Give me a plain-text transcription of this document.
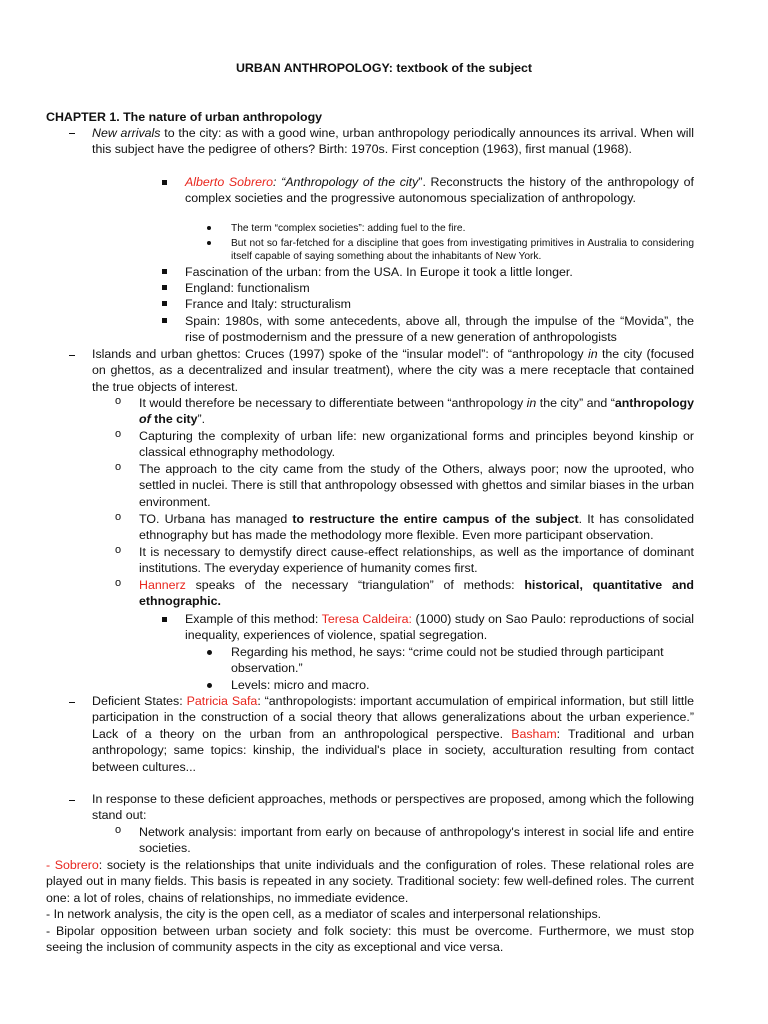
URBAN ANTHROPOLOGY: textbook of the subject
CHAPTER 1. The nature of urban anthropology

New arrivals to the city: as with a good wine, urban anthropology periodically announces its arrival. When will this subject have the pedigree of others? Birth: 1970s. First conception (1963), first manual (1968).

Alberto Sobrero: “Anthropology of the city”. Reconstructs the history of the anthropology of complex societies and the progressive autonomous specialization of anthropology.

The term “complex societies”: adding fuel to the fire.

But not so far-fetched for a discipline that goes from investigating primitives in Australia to considering itself capable of saying something about the inhabitants of New York.

Fascination of the urban: from the USA. In Europe it took a little longer.

England: functionalism

France and Italy: structuralism

Spain: 1980s, with some antecedents, above all, through the impulse of the “Movida”, the rise of postmodernism and the pressure of a new generation of anthropologists

Islands and urban ghettos: Cruces (1997) spoke of the “insular model”: of “anthropology in the city (focused on ghettos, as a decentralized and insular treatment), where the city was a mere receptacle that contained the true objects of interest.

o It would therefore be necessary to differentiate between “anthropology in the city” and “anthropology of the city”.

o Capturing the complexity of urban life: new organizational forms and principles beyond kinship or classical ethnography methodology.

o The approach to the city came from the study of the Others, always poor; now the uprooted, who settled in nuclei. There is still that anthropology obsessed with ghettos and similar biases in the urban environment.

o TO. Urbana has managed to restructure the entire campus of the subject. It has consolidated ethnography but has made the methodology more flexible. Even more participant observation.

o It is necessary to demystify direct cause-effect relationships, as well as the importance of dominant institutions. The everyday experience of humanity comes first.

o Hannerz speaks of the necessary “triangulation” of methods: historical, quantitative and ethnographic.

Example of this method: Teresa Caldeira: (1000) study on Sao Paulo: reproductions of social inequality, experiences of violence, spatial segregation.

Regarding his method, he says: “crime could not be studied through participant observation.”

Levels: micro and macro.

Deficient States: Patricia Safa: “anthropologists: important accumulation of empirical information, but still little participation in the construction of a social theory that allows generalizations about the urban experience.” Lack of a theory on the urban from an anthropological perspective. Basham: Traditional and urban anthropology; same topics: kinship, the individual's place in society, acculturation resulting from contact between cultures...

In response to these deficient approaches, methods or perspectives are proposed, among which the following stand out:

o Network analysis: important from early on because of anthropology's interest in social life and entire societies.

- Sobrero: society is the relationships that unite individuals and the configuration of roles. These relational roles are played out in many fields. This basis is repeated in any society. Traditional society: few well-defined roles. The current one: a lot of roles, chains of relationships, no immediate evidence.

- In network analysis, the city is the open cell, as a mediator of scales and interpersonal relationships.

- Bipolar opposition between urban society and folk society: this must be overcome. Furthermore, we must stop seeing the inclusion of community aspects in the city as exceptional and vice versa.
